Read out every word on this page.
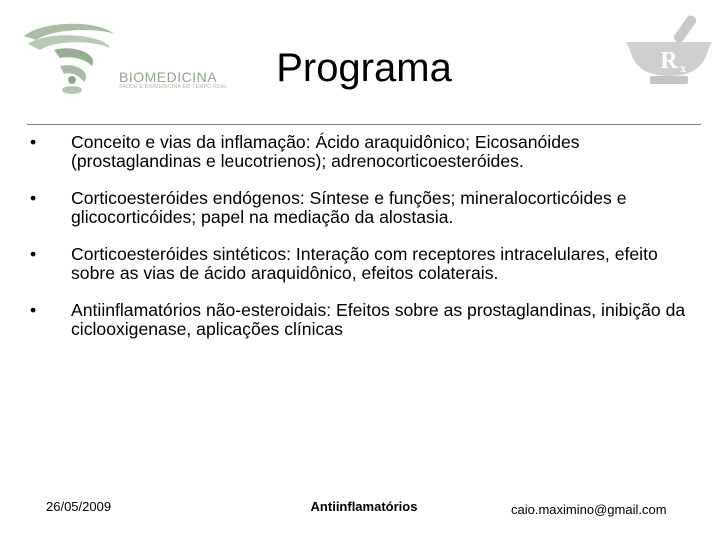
BIOMEDICINA
SAÚDE E BIOMEDICINA EM TEMPO REAL
R x
Programa
• Conceito e vias da inflamação: Ácido araquidônico; Eicosanóides (prostaglandinas e leucotrienos); adrenocorticoesteróides.
• Corticoesteróides endógenos: Síntese e funções; mineralocorticóides e glicocorticóides; papel na mediação da alostasia.
• Corticoesteróides sintéticos: Interação com receptores intracelulares, efeito sobre as vias de ácido araquidônico, efeitos colaterais.
• Antiinflamatórios não-esteroidais: Efeitos sobre as prostaglandinas, inibição da ciclooxigenase, aplicações clínicas
26/05/2009	Antiinflamatórios	caio.maximino@gmail.com
